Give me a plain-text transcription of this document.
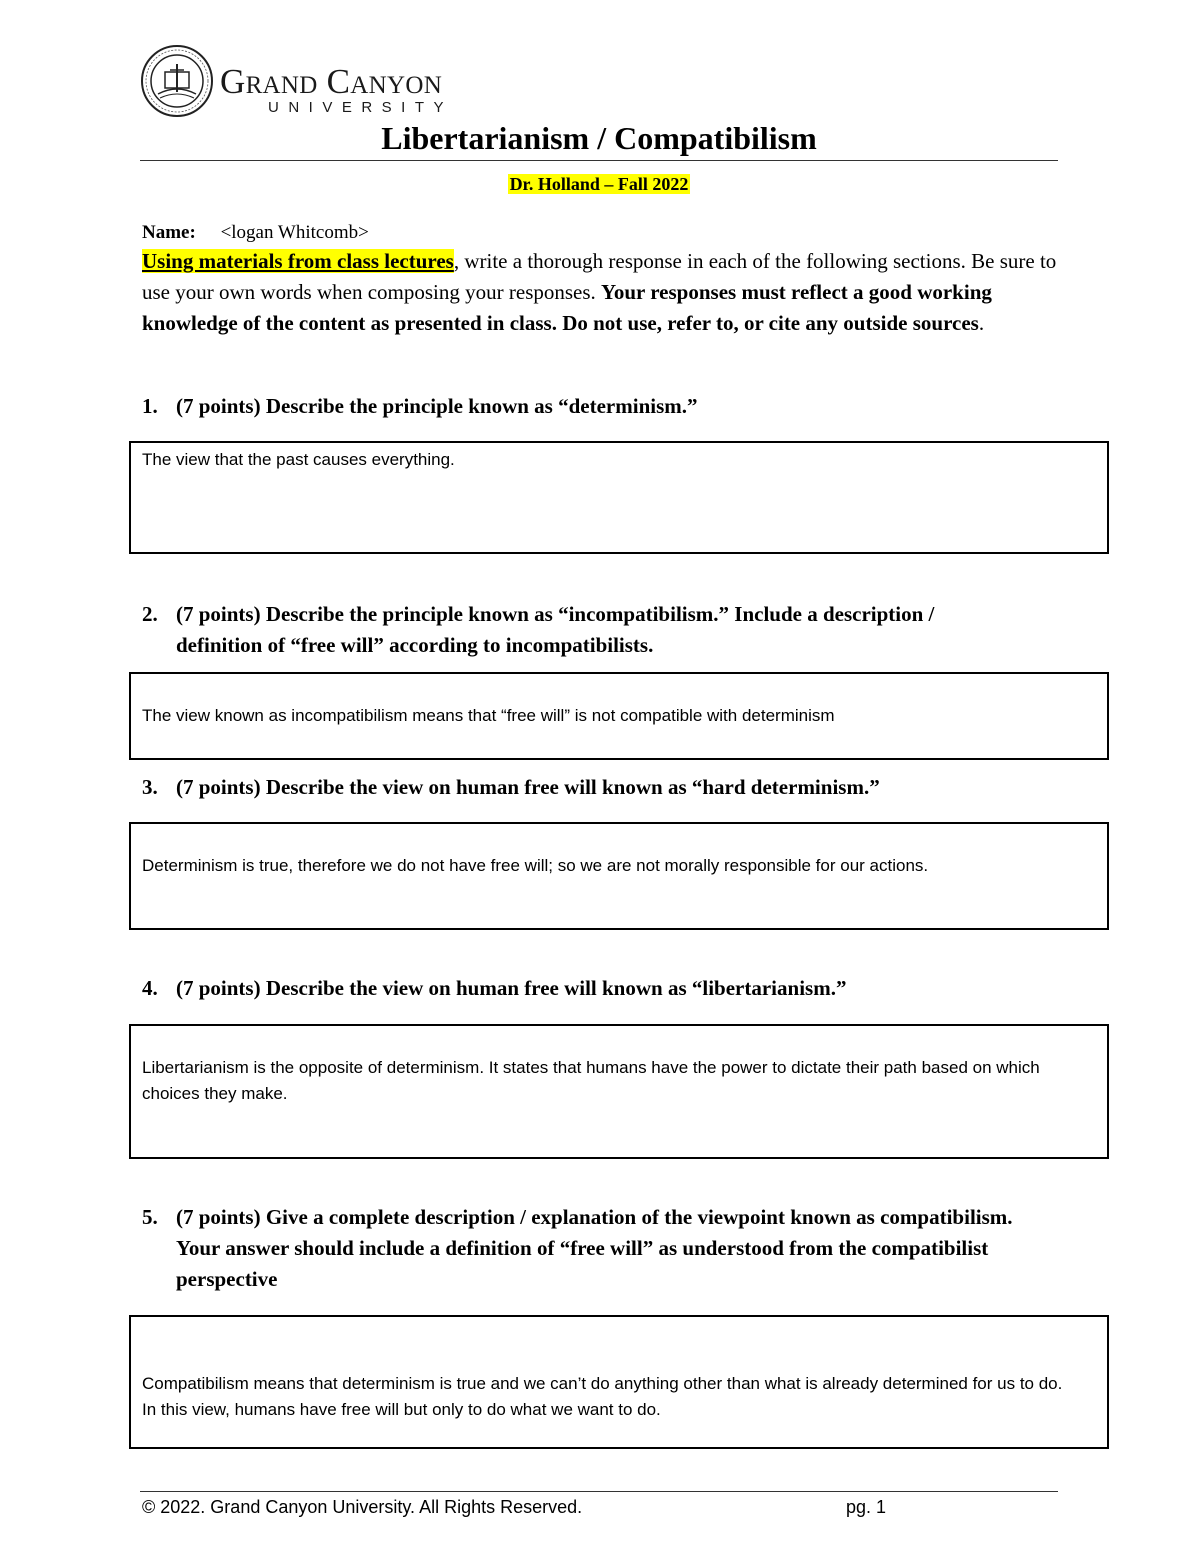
Grand Canyon
UNIVERSITY
Libertarianism / Compatibilism
Dr. Holland – Fall 2022
Name: <logan Whitcomb>
Using materials from class lectures, write a thorough response in each of the following sections. Be sure to use your own words when composing your responses. Your responses must reflect a good working knowledge of the content as presented in class. Do not use, refer to, or cite any outside sources.
1. (7 points) Describe the principle known as “determinism.”
The view that the past causes everything.
2. (7 points) Describe the principle known as “incompatibilism.” Include a description / definition of “free will” according to incompatibilists.
The view known as incompatibilism means that “free will” is not compatible with determinism
3. (7 points) Describe the view on human free will known as “hard determinism.”
Determinism is true, therefore we do not have free will; so we are not morally responsible for our actions.
4. (7 points) Describe the view on human free will known as “libertarianism.”
Libertarianism is the opposite of determinism. It states that humans have the power to dictate their path based on which choices they make.
5. (7 points) Give a complete description / explanation of the viewpoint known as compatibilism. Your answer should include a definition of “free will” as understood from the compatibilist perspective
Compatibilism means that determinism is true and we can’t do anything other than what is already determined for us to do. In this view, humans have free will but only to do what we want to do.
© 2022. Grand Canyon University. All Rights Reserved.	pg. 1
